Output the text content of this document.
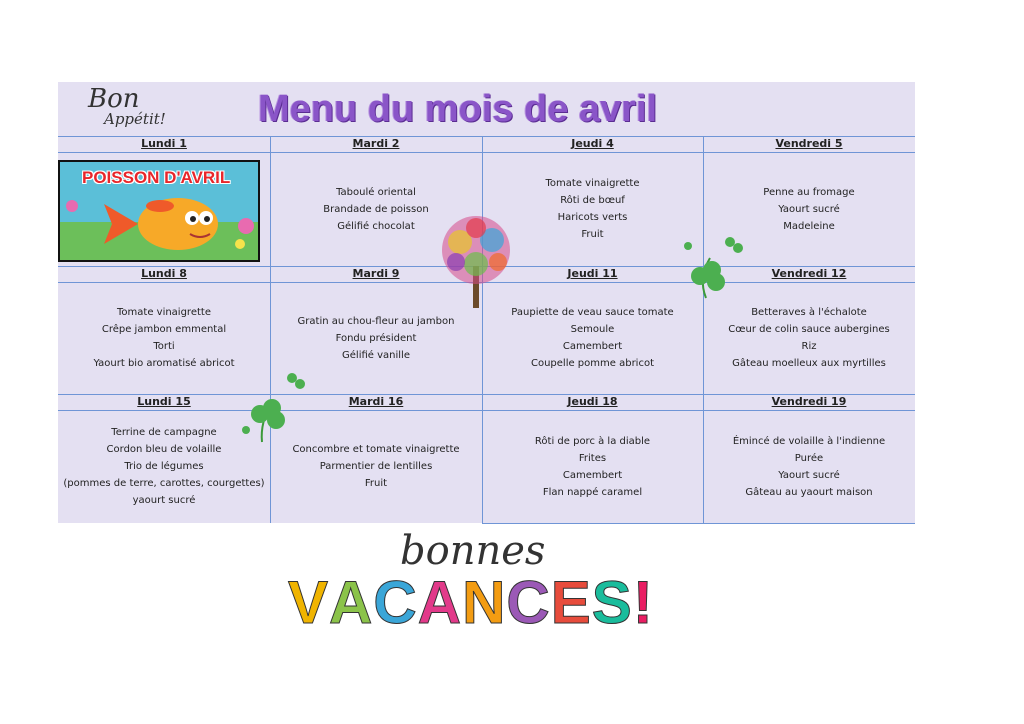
Bon
Appétit! Menu du mois de avril
Lundi 1	Mardi 2
Taboulé oriental
Brandade de poisson
Gélifié chocolat
Jeudi 4
Tomate vinaigrette
Rôti de bœuf
Haricots verts
Fruit
Vendredi 5
Penne au fromage
Yaourt sucré
Madeleine
Lundi 8
Tomate vinaigrette
Crêpe jambon emmental
Torti
Yaourt bio aromatisé abricot
Mardi 9
Gratin au chou-fleur au jambon
Fondu président
Gélifié vanille
Jeudi 11
Paupiette de veau sauce tomate
Semoule
Camembert
Coupelle pomme abricot
Vendredi 12
Betteraves à l'échalote
Cœur de colin sauce aubergines
Riz
Gâteau moelleux aux myrtilles
Lundi 15
Terrine de campagne
Cordon bleu de volaille
Trio de légumes
(pommes de terre, carottes, courgettes)
yaourt sucré
Mardi 16
Concombre et tomate vinaigrette
Parmentier de lentilles
Fruit
Jeudi 18
Rôti de porc à la diable
Frites
Camembert
Flan nappé caramel
Vendredi 19
Émincé de volaille à l'indienne
Purée
Yaourt sucré
Gâteau au yaourt maison
POISSON D'AVRIL
bonnes
VACANCES!
